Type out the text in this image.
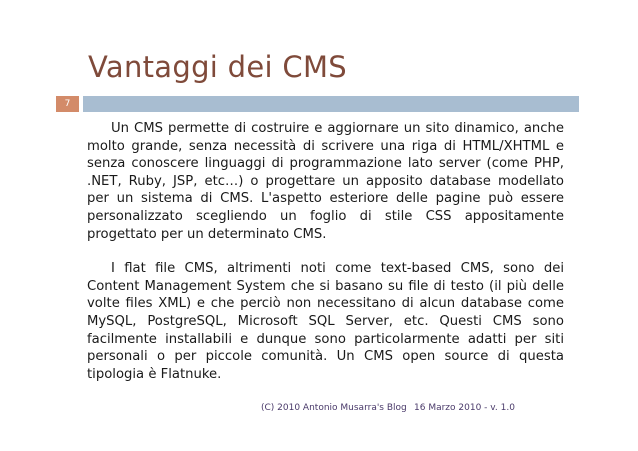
Vantaggi dei CMS
7

Un CMS permette di costruire e aggiornare un sito dinamico, anche molto grande, senza necessità di scrivere una riga di HTML/XHTML e senza conoscere linguaggi di programmazione lato server (come PHP, .NET, Ruby, JSP, etc…) o progettare un apposito database modellato per un sistema di CMS. L'aspetto esteriore delle pagine può essere personalizzato scegliendo un foglio di stile CSS appositamente progettato per un determinato CMS.

I flat file CMS, altrimenti noti come text-based CMS, sono dei Content Management System che si basano su file di testo (il più delle volte files XML) e che perciò non necessitano di alcun database come MySQL, PostgreSQL, Microsoft SQL Server, etc. Questi CMS sono facilmente installabili e dunque sono particolarmente adatti per siti personali o per piccole comunità. Un CMS open source di questa tipologia è Flatnuke.

(C) 2010 Antonio Musarra's Blog 16 Marzo 2010 - v. 1.0
